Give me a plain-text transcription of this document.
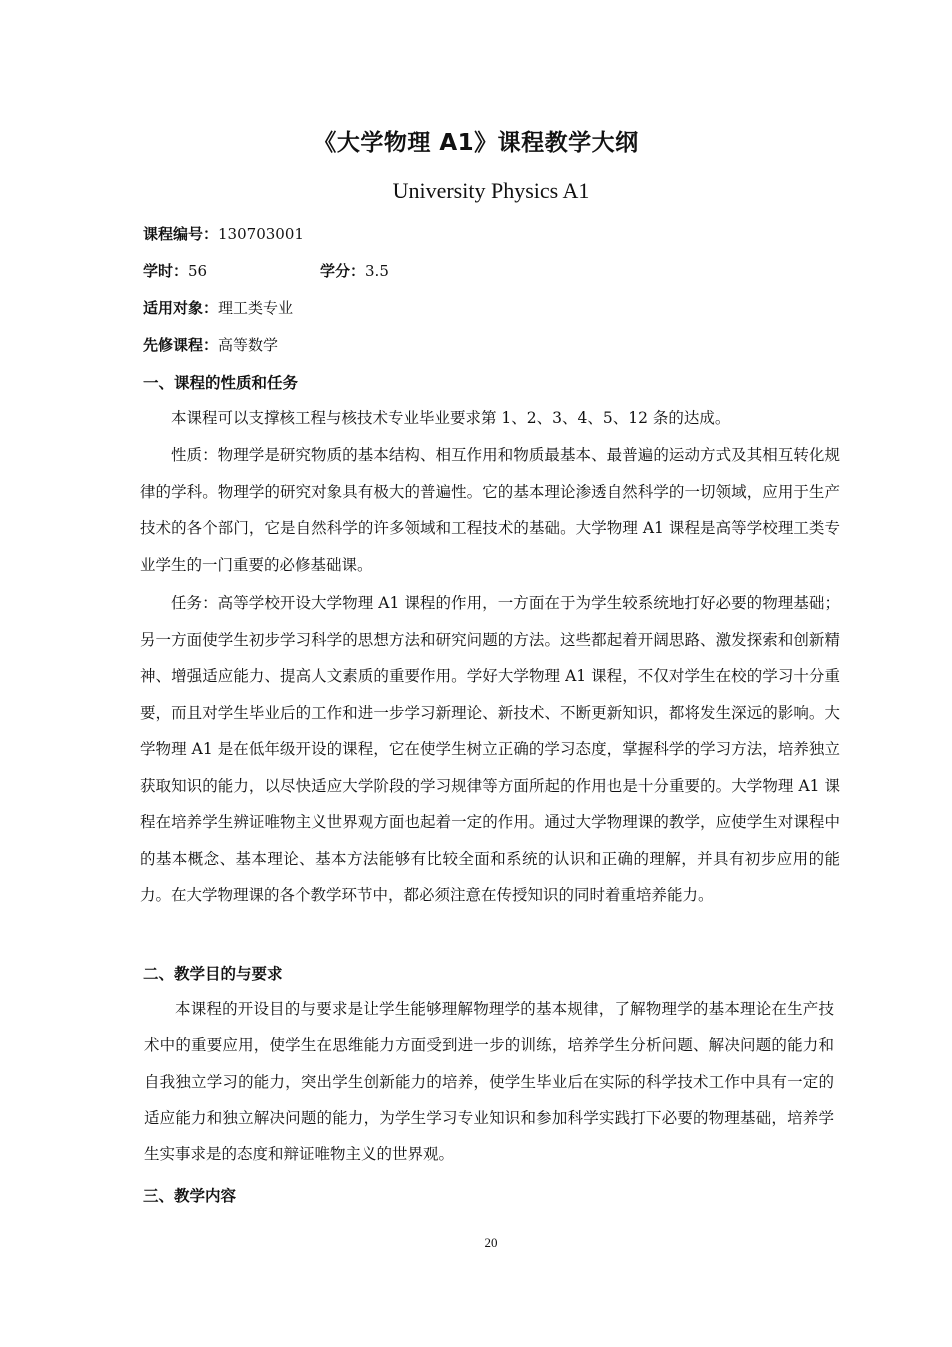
《大学物理 A1》课程教学大纲
University Physics A1
课程编号：130703001
学时：56	学分：3.5
适用对象：理工类专业
先修课程：高等数学
一、课程的性质和任务

本课程可以支撑核工程与核技术专业毕业要求第 1、2、3、4、5、12 条的达成。

性质：物理学是研究物质的基本结构、相互作用和物质最基本、最普遍的运动方式及其相互转化规律的学科。物理学的研究对象具有极大的普遍性。它的基本理论渗透自然科学的一切领域，应用于生产技术的各个部门，它是自然科学的许多领域和工程技术的基础。大学物理 A1 课程是高等学校理工类专业学生的一门重要的必修基础课。

任务：高等学校开设大学物理 A1 课程的作用，一方面在于为学生较系统地打好必要的物理基础；另一方面使学生初步学习科学的思想方法和研究问题的方法。这些都起着开阔思路、激发探索和创新精神、增强适应能力、提高人文素质的重要作用。学好大学物理 A1 课程，不仅对学生在校的学习十分重要，而且对学生毕业后的工作和进一步学习新理论、新技术、不断更新知识，都将发生深远的影响。大学物理 A1 是在低年级开设的课程，它在使学生树立正确的学习态度，掌握科学的学习方法，培养独立获取知识的能力，以尽快适应大学阶段的学习规律等方面所起的作用也是十分重要的。大学物理 A1 课程在培养学生辨证唯物主义世界观方面也起着一定的作用。通过大学物理课的教学，应使学生对课程中的基本概念、基本理论、基本方法能够有比较全面和系统的认识和正确的理解，并具有初步应用的能力。在大学物理课的各个教学环节中，都必须注意在传授知识的同时着重培养能力。

二、教学目的与要求

本课程的开设目的与要求是让学生能够理解物理学的基本规律，了解物理学的基本理论在生产技术中的重要应用，使学生在思维能力方面受到进一步的训练，培养学生分析问题、解决问题的能力和自我独立学习的能力，突出学生创新能力的培养，使学生毕业后在实际的科学技术工作中具有一定的适应能力和独立解决问题的能力，为学生学习专业知识和参加科学实践打下必要的物理基础，培养学生实事求是的态度和辩证唯物主义的世界观。

三、教学内容
20
